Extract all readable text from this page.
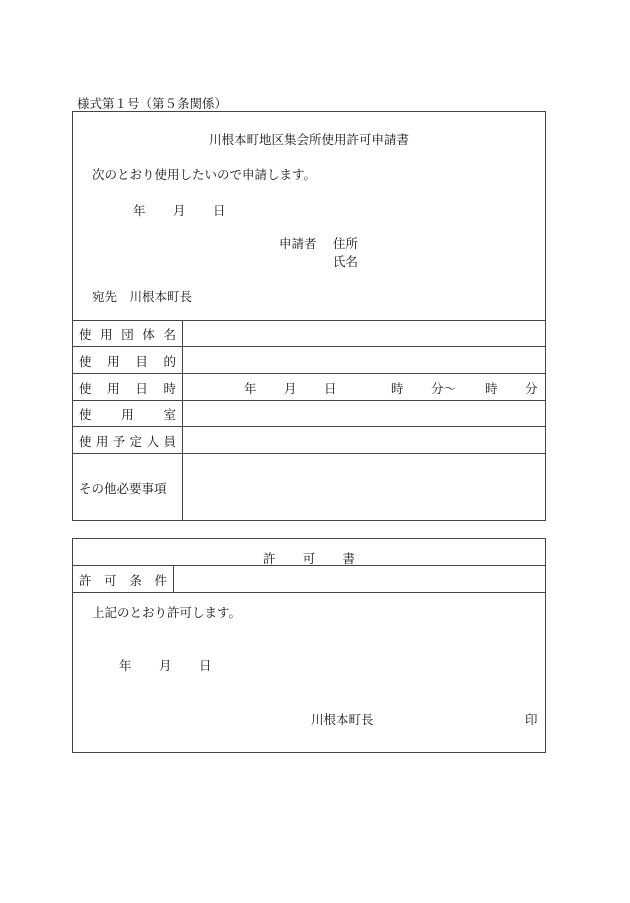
様式第１号（第５条関係）
川根本町地区集会所使用許可申請書
次のとおり使用したいので申請します。
年 月 日
申請者 住所
氏名
宛先　川根本町長
使 用 団 体 名
使 用 目 的
使 用 日 時
使 用 室
使 用 予 定 人 員
その他必要事項
年 月 日	時 分～ 時 分
許 可 書
許 可 条 件
上記のとおり許可します。
年 月 日
川根本町長	印
